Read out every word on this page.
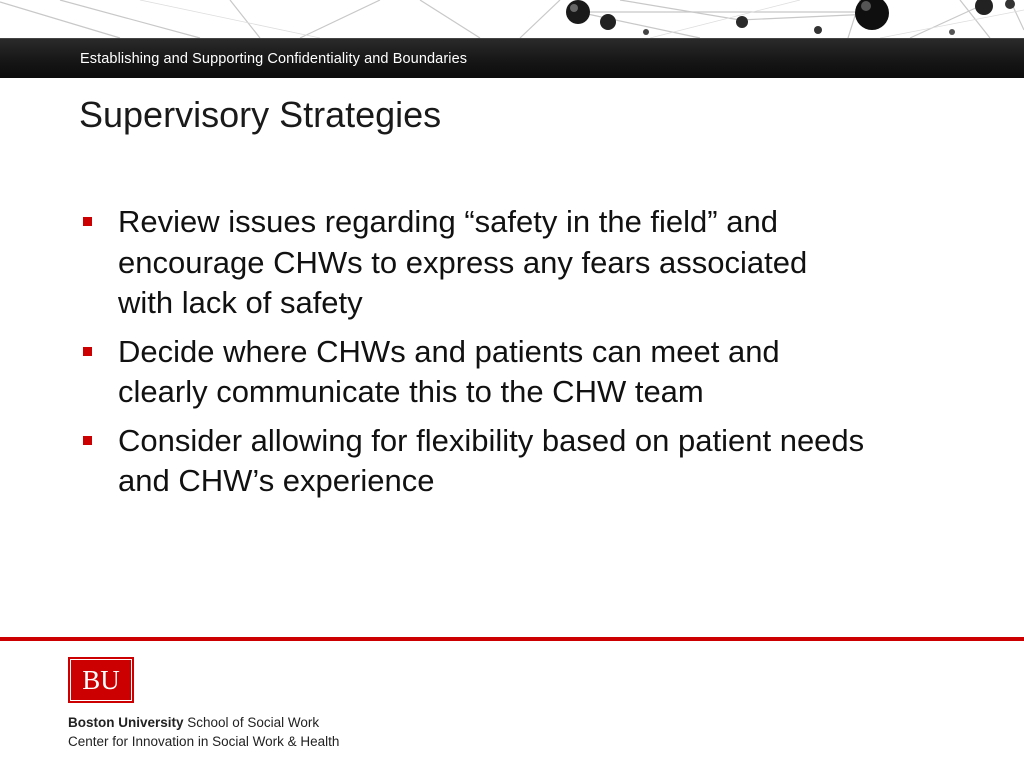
Establishing and Supporting Confidentiality and Boundaries
Supervisory Strategies
Review issues regarding “safety in the field” and
encourage CHWs to express any fears associated
with lack of safety
Decide where CHWs and patients can meet and
clearly communicate this to the CHW team
Consider allowing for flexibility based on patient needs
and CHW’s experience
BU
Boston University School of Social Work
Center for Innovation in Social Work & Health
